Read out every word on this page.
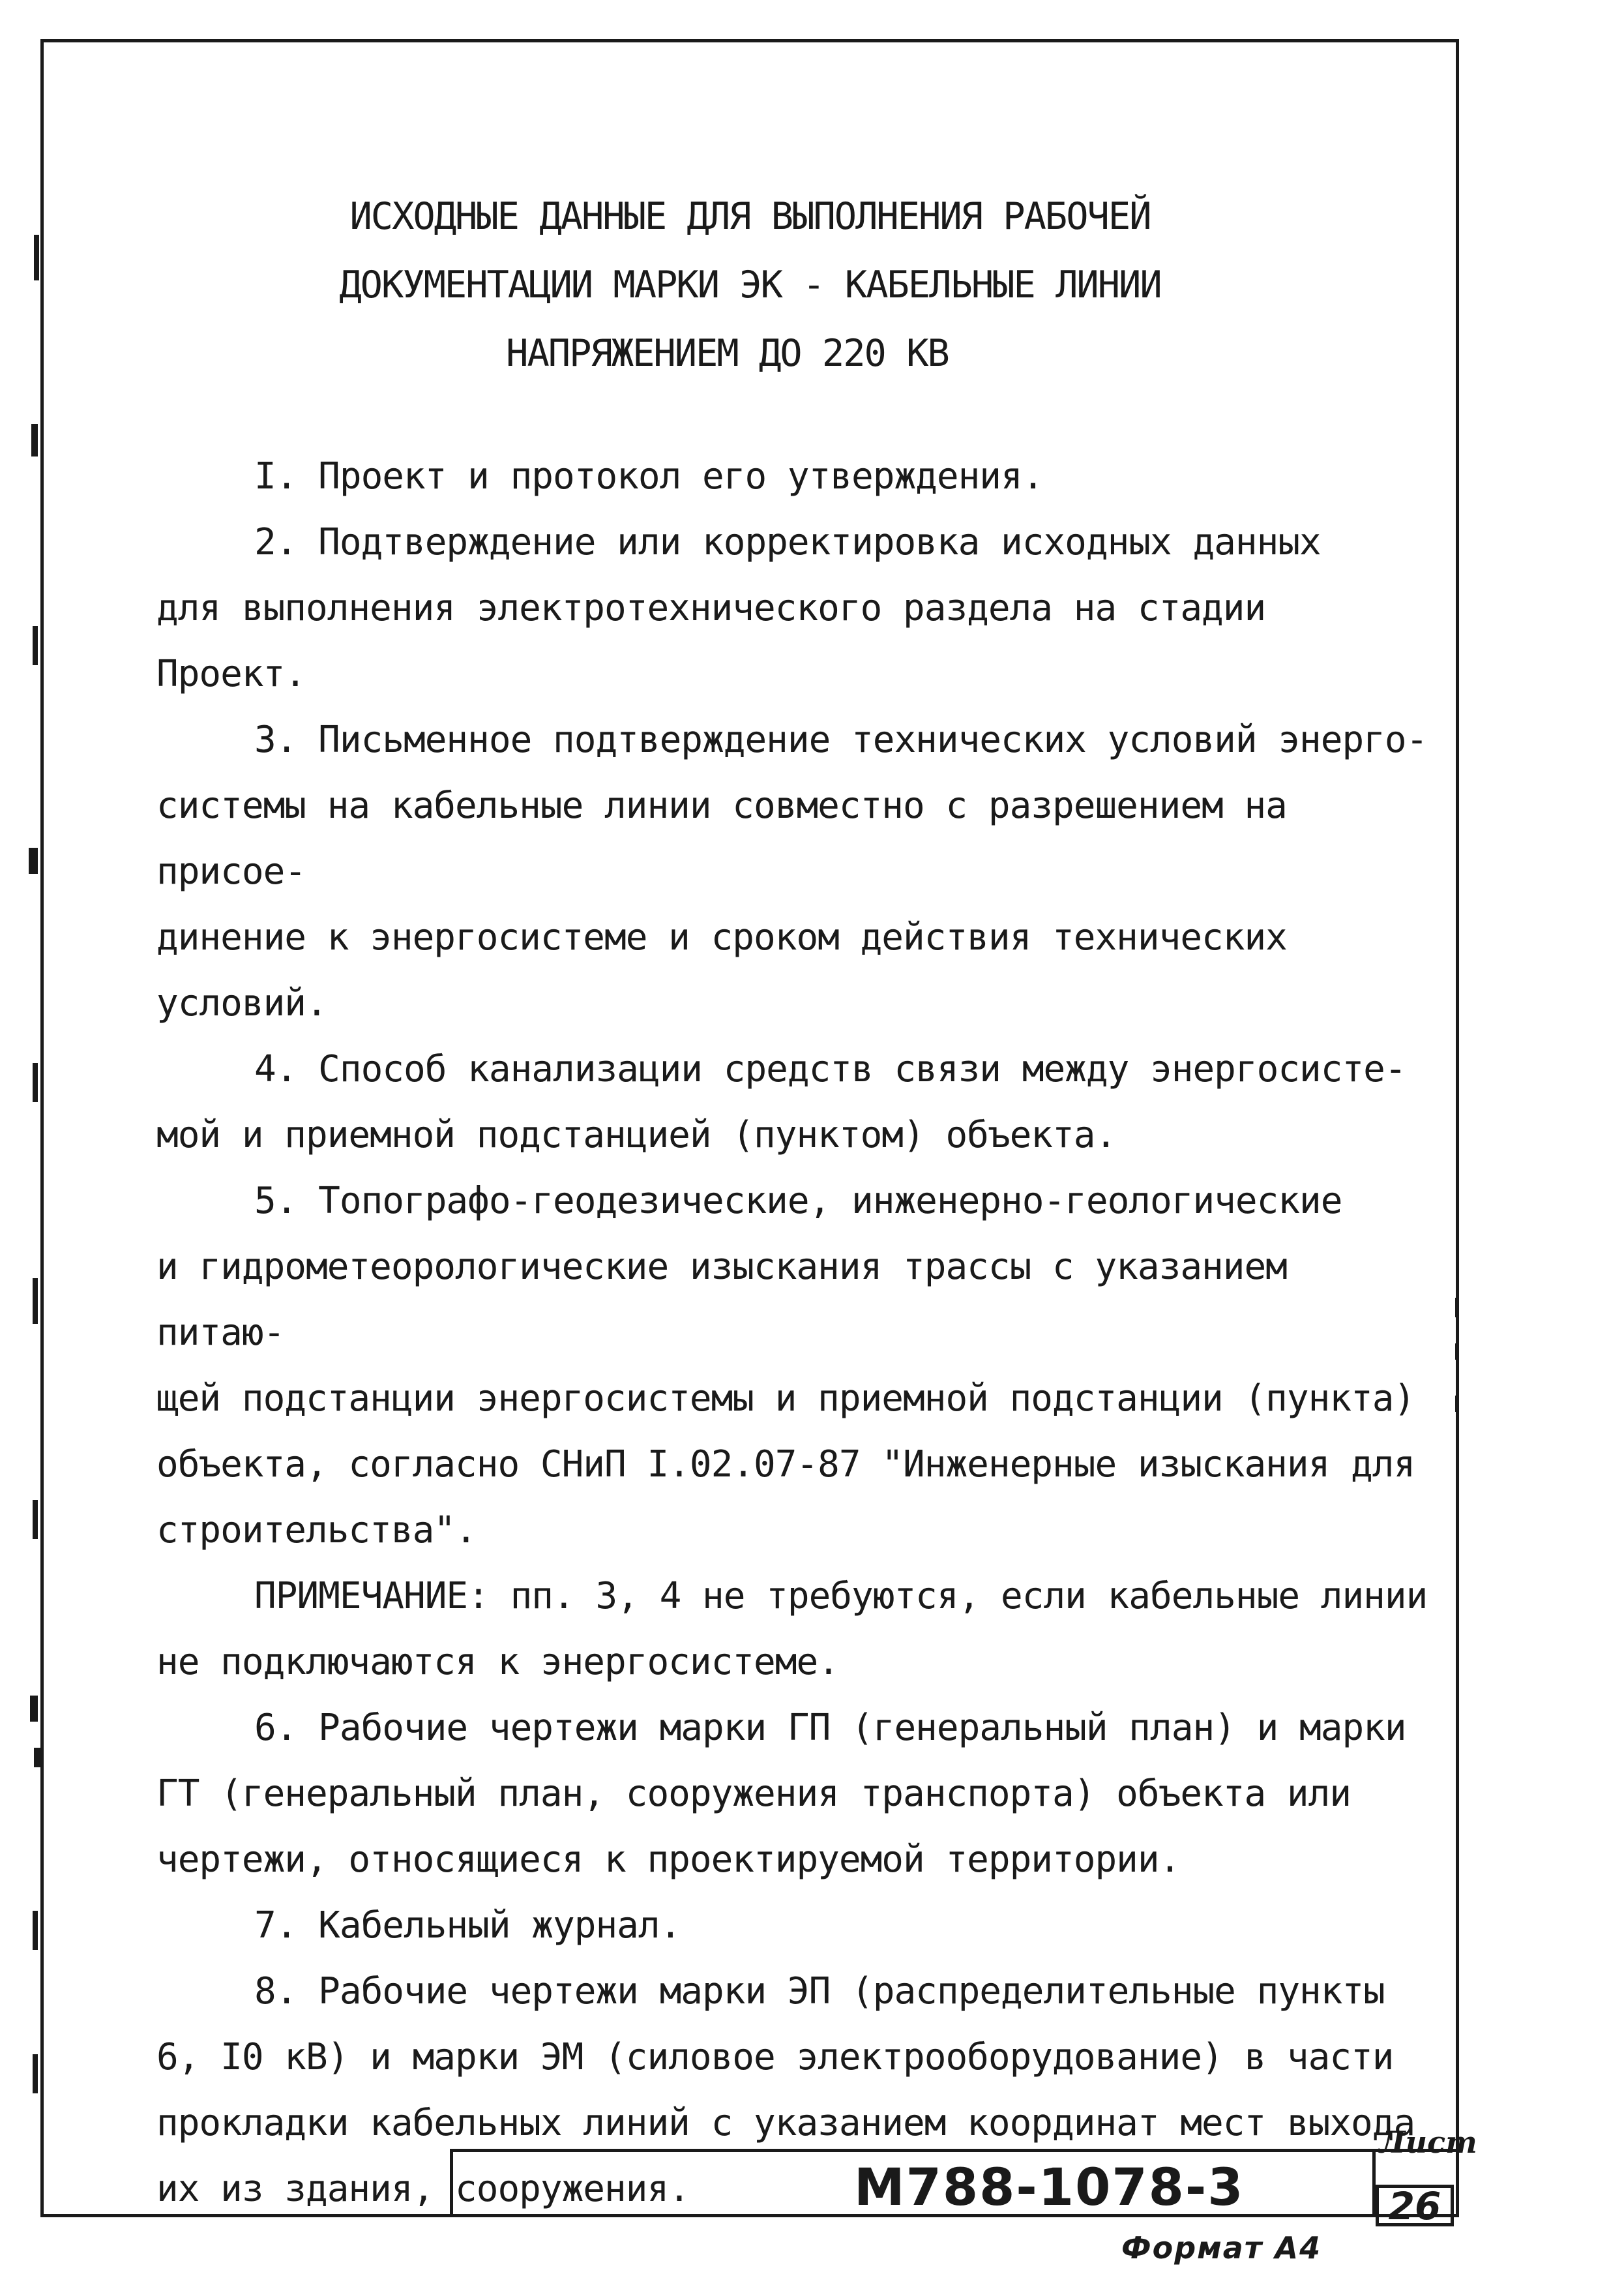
ИСХОДНЫЕ ДАННЫЕ ДЛЯ ВЫПОЛНЕНИЯ РАБОЧЕЙ
ДОКУМЕНТАЦИИ МАРКИ ЭК - КАБЕЛЬНЫЕ ЛИНИИ
НАПРЯЖЕНИЕМ ДО 220 КВ

I. Проект и протокол его утверждения.

2. Подтверждение или корректировка исходных данных

для выполнения электротехнического раздела на стадии Проект.

3. Письменное подтверждение технических условий энерго-

системы на кабельные линии совместно с разрешением на присое-

динение к энергосистеме и сроком действия технических условий.

4. Способ канализации средств связи между энергосисте-

мой и приемной подстанцией (пунктом) объекта.

5. Топографо-геодезические, инженерно-геологические

и гидрометеорологические изыскания трассы с указанием питаю-

щей подстанции энергосистемы и приемной подстанции (пункта)

объекта, согласно СНиП I.02.07-87 "Инженерные изыскания для

строительства".

ПРИМЕЧАНИЕ: пп. 3, 4 не требуются, если кабельные линии

не подключаются к энергосистеме.

6. Рабочие чертежи марки ГП (генеральный план) и марки

ГТ (генеральный план, сооружения транспорта) объекта или

чертежи, относящиеся к проектируемой территории.

7. Кабельный журнал.

8. Рабочие чертежи марки ЭП (распределительные пункты

6, I0 кВ) и марки ЭМ (силовое электрооборудование) в части

прокладки кабельных линий с указанием координат мест выхода

их из здания, сооружения.	М788-1078-3
Лист
26
Формат А4
